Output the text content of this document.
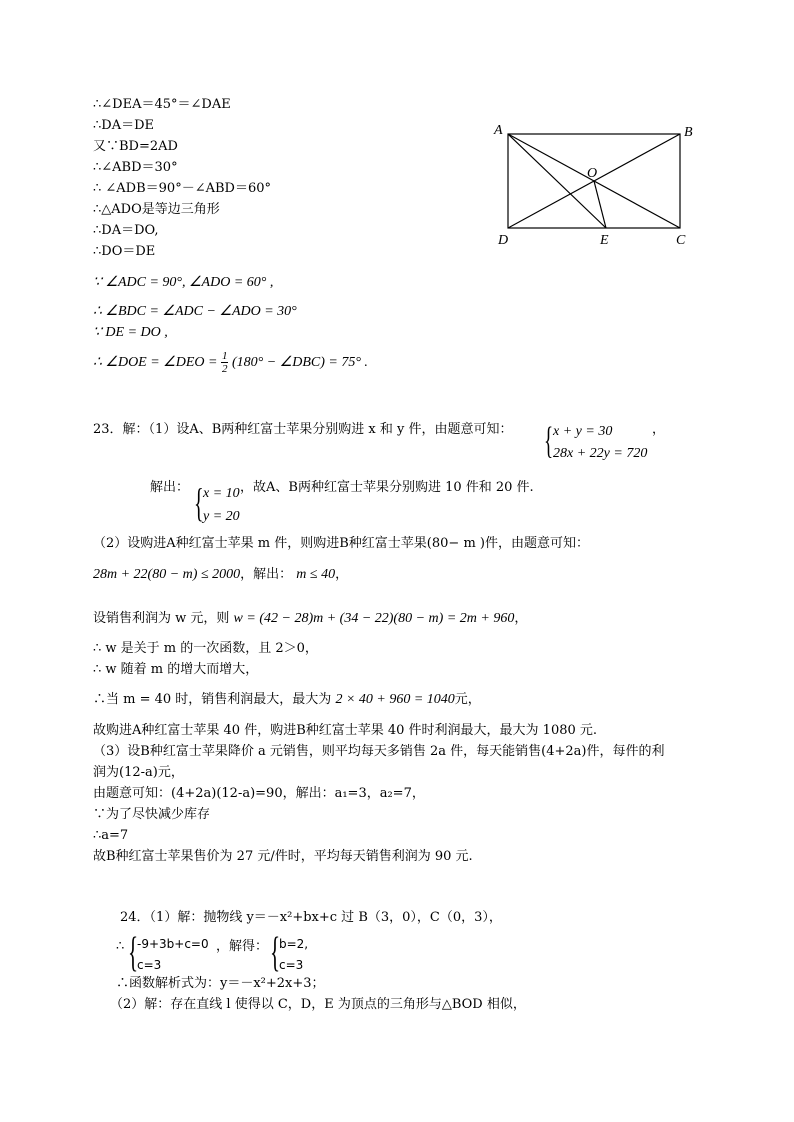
∴∠DEA＝45°＝∠DAE
∴DA＝DE
又∵BD=2AD
∴∠ABD＝30°
∴ ∠ADB＝90°－∠ABD＝60°
∴△ADO是等边三角形
∴DA＝DO,
∴DO＝DE
A	B
O
D	E	C
∵ ∠ADC = 90°, ∠ADO = 60° ,
∴ ∠BDC = ∠ADC − ∠ADO = 30°
∵ DE = DO ,
∴ ∠DOE = ∠DEO = $\frac{1}{2} (180^\circ$ − ∠DBC) = 75° .
23．解：（1）设A、B两种红富士苹果分别购进 x 和 y 件，由题意可知： { x + y = 30
28x + 22y = 720
，
解出： { x = 10
y = 20
，故A、B两种红富士苹果分别购进 10 件和 20 件.
（2）设购进A种红富士苹果 m 件，则购进B种红富士苹果(80− m )件，由题意可知：
28m + 22(80 − m) ≤ 2000，解出： m ≤ 40，
设销售利润为 w 元，则 w = (42 − 28)m + (34 − 22)(80 − m) = 2m + 960，
∴ w 是关于 m 的一次函数，且 2＞0，
∴ w 随着 m 的增大而增大，
∴当 m = 40 时，销售利润最大，最大为 2 × 40 + 960 = 1040元，
故购进A种红富士苹果 40 件，购进B种红富士苹果 40 件时利润最大，最大为 1080 元.
（3）设B种红富士苹果降价 a 元销售，则平均每天多销售 2a 件，每天能销售(4+2a)件，每件的利
润为(12-a)元，
由题意可知：(4+2a)(12-a)=90，解出：a₁=3，a₂=7，
∵为了尽快减少库存
∴a=7
故B种红富士苹果售价为 27 元/件时，平均每天销售利润为 90 元.
24．（1）解：抛物线 y＝－x²+bx+c 过 B（3，0），C（0，3），
∴ {
-9+3b+c=0
c=3
，解得： {
b=2,
c=3
∴函数解析式为：y＝－x²+2x+3；
（2）解：存在直线 l 使得以 C，D，E 为顶点的三角形与△BOD 相似，
